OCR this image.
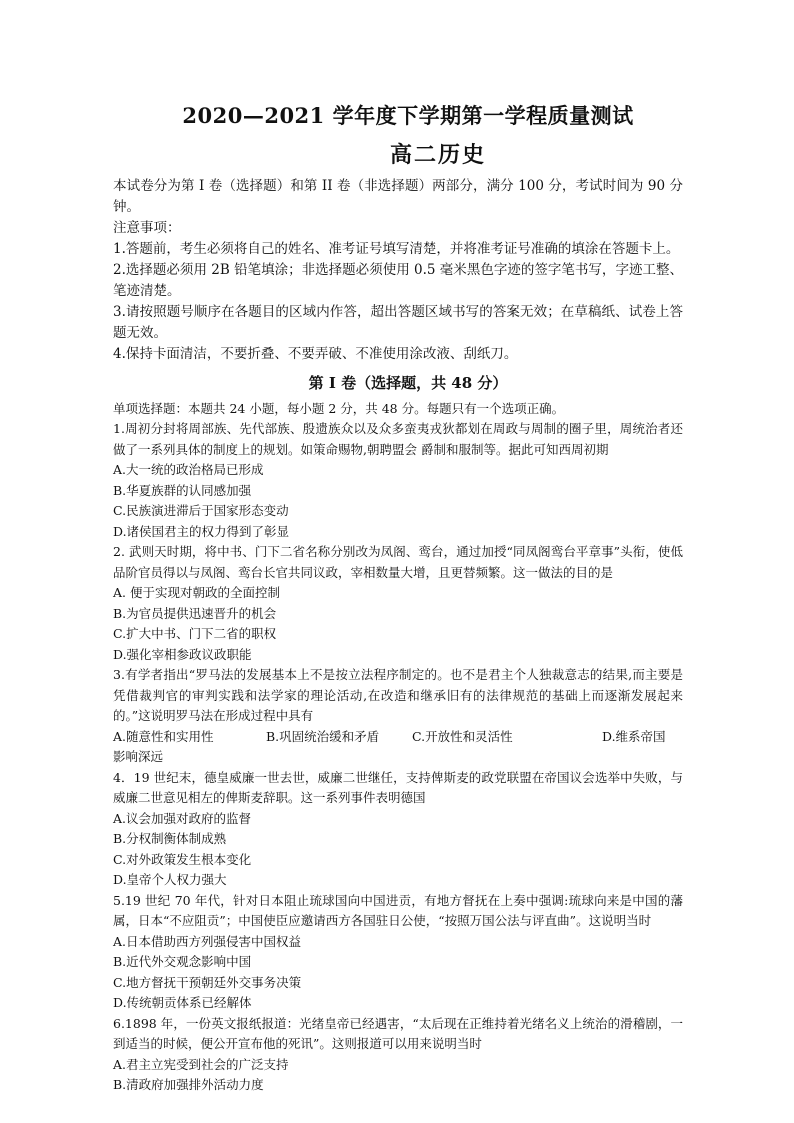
2020—2021 学年度下学期第一学程质量测试
高二历史

本试卷分为第 I 卷（选择题）和第 II 卷（非选择题）两部分，满分 100 分，考试时间为 90 分钟。

注意事项：

1.答题前，考生必须将自己的姓名、准考证号填写清楚，并将准考证号准确的填涂在答题卡上。

2.选择题必须用 2B 铅笔填涂；非选择题必须使用 0.5 毫米黑色字迹的签字笔书写，字迹工整、笔迹清楚。

3.请按照题号顺序在各题目的区域内作答，超出答题区域书写的答案无效；在草稿纸、试卷上答题无效。

4.保持卡面清洁，不要折叠、不要弄破、不准使用涂改液、刮纸刀。

第 I 卷（选择题，共 48 分）

单项选择题：本题共 24 小题，每小题 2 分，共 48 分。每题只有一个选项正确。

1.周初分封将周部族、先代部族、殷遗族众以及众多蛮夷戎狄都划在周政与周制的圈子里，周统治者还做了一系列具体的制度上的规划。如策命赐物,朝聘盟会 爵制和服制等。据此可知西周初期

A.大一统的政治格局已形成
B.华夏族群的认同感加强
C.民族演进滞后于国家形态变动
D.诸侯国君主的权力得到了彰显

2. 武则天时期，将中书、门下二省名称分别改为凤阁、鸾台，通过加授“同凤阁鸾台平章事”头衔，使低品阶官员得以与凤阁、鸾台长官共同议政，宰相数量大增，且更替频繁。这一做法的目的是

A. 便于实现对朝政的全面控制
B.为官员提供迅速晋升的机会
C.扩大中书、门下二省的职权
D.强化宰相参政议政职能

3.有学者指出“罗马法的发展基本上不是按立法程序制定的。也不是君主个人独裁意志的结果,而主要是凭借裁判官的审判实践和法学家的理论活动,在改造和继承旧有的法律规范的基础上而逐渐发展起来的。”这说明罗马法在形成过程中具有

A.随意性和实用性	B.巩固统治缓和矛盾	C.开放性和灵活性	D.维系帝国
影响深远

4．19 世纪末，德皇威廉一世去世，威廉二世继任，支持俾斯麦的政党联盟在帝国议会选举中失败，与威廉二世意见相左的俾斯麦辞职。这一系列事件表明德国

A.议会加强对政府的监督
B.分权制衡体制成熟
C.对外政策发生根本变化
D.皇帝个人权力强大

5.19 世纪 70 年代，针对日本阻止琉球国向中国进贡，有地方督抚在上奏中强调:琉球向来是中国的藩属，日本“不应阻贡”；中国使臣应邀请西方各国驻日公使，“按照万国公法与评直曲”。这说明当时

A.日本借助西方列强侵害中国权益
B.近代外交观念影响中国
C.地方督抚干预朝廷外交事务决策
D.传统朝贡体系已经解体

6.1898 年，一份英文报纸报道：光绪皇帝已经遇害，“太后现在正维持着光绪名义上统治的滑稽剧，一到适当的时候，便公开宣布他的死讯”。这则报道可以用来说明当时

A.君主立宪受到社会的广泛支持
B.清政府加强排外活动力度
